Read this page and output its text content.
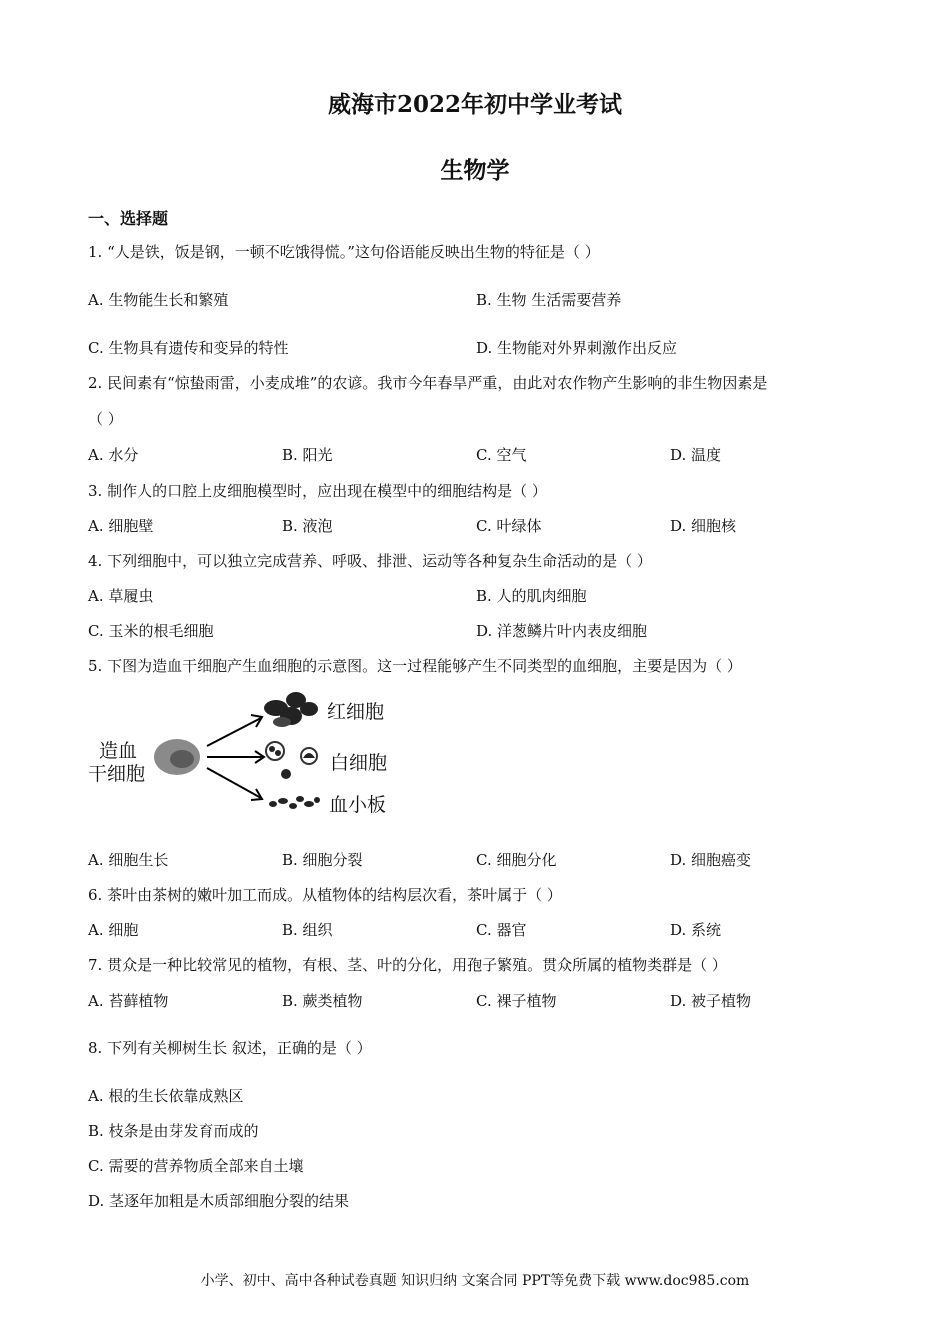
威海市2022年初中学业考试
生物学
一、选择题
1. “人是铁，饭是钢，一顿不吃饿得慌。”这句俗语能反映出生物的特征是（ ）
A. 生物能生长和繁殖	B. 生物 生活需要营养
C. 生物具有遗传和变异的特性	D. 生物能对外界刺激作出反应
2. 民间素有“惊蛰雨雷，小麦成堆”的农谚。我市今年春旱严重，由此对农作物产生影响的非生物因素是
（ ）
A. 水分	B. 阳光	C. 空气	D. 温度
3. 制作人的口腔上皮细胞模型时，应出现在模型中的细胞结构是（ ）
A. 细胞壁	B. 液泡	C. 叶绿体	D. 细胞核
4. 下列细胞中，可以独立完成营养、呼吸、排泄、运动等各种复杂生命活动的是（ ）
A. 草履虫	B. 人的肌肉细胞
C. 玉米的根毛细胞	D. 洋葱鳞片叶内表皮细胞
5. 下图为造血干细胞产生血细胞的示意图。这一过程能够产生不同类型的血细胞，主要是因为（ ）
造血
干细胞
红细胞
白细胞
血小板
A. 细胞生长	B. 细胞分裂	C. 细胞分化	D. 细胞癌变
6. 茶叶由茶树的嫩叶加工而成。从植物体的结构层次看，茶叶属于（ ）
A. 细胞	B. 组织	C. 器官	D. 系统
7. 贯众是一种比较常见的植物，有根、茎、叶的分化，用孢子繁殖。贯众所属的植物类群是（ ）
A. 苔藓植物	B. 蕨类植物	C. 裸子植物	D. 被子植物
8. 下列有关柳树生长 叙述，正确的是（ ）
A. 根的生长依靠成熟区
B. 枝条是由芽发育而成的
C. 需要的营养物质全部来自土壤
D. 茎逐年加粗是木质部细胞分裂的结果
小学、初中、高中各种试卷真题 知识归纳 文案合同 PPT等免费下载 www.doc985.com
